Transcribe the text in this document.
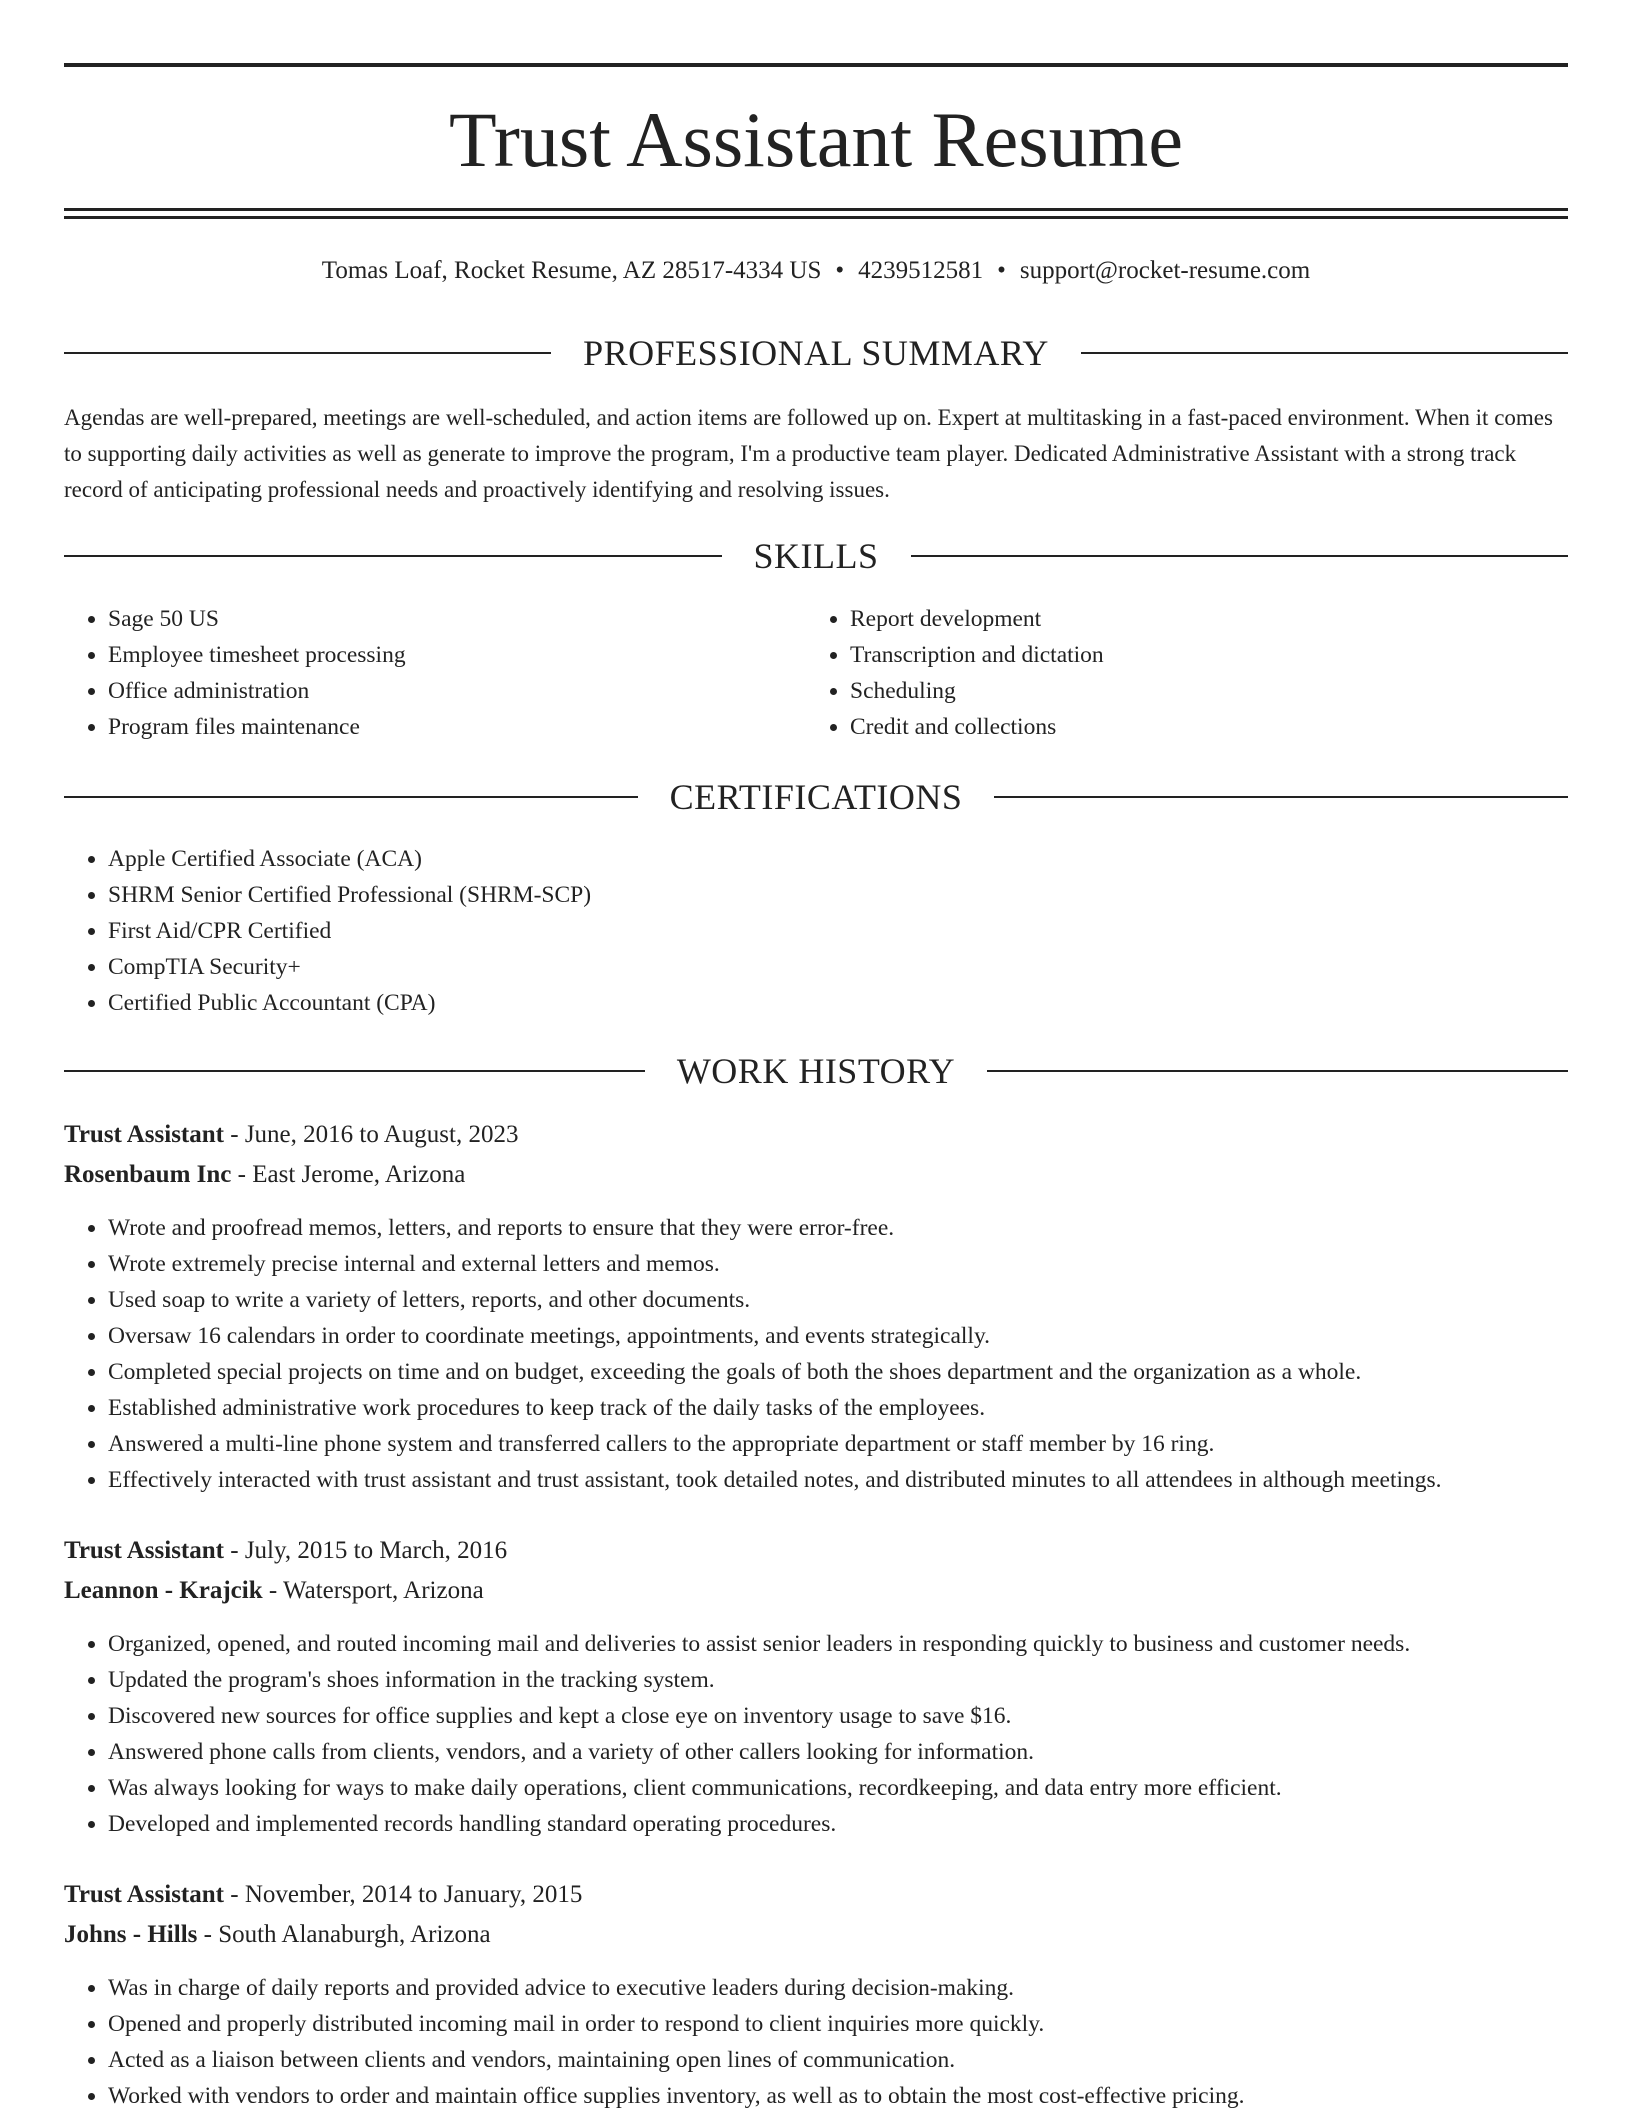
Trust Assistant Resume
Tomas Loaf, Rocket Resume, AZ 28517-4334 US • 4239512581 • support@rocket-resume.com
PROFESSIONAL SUMMARY

Agendas are well-prepared, meetings are well-scheduled, and action items are followed up on. Expert at multitasking in a fast-paced environment. When it comes to supporting daily activities as well as generate to improve the program, I'm a productive team player. Dedicated Administrative Assistant with a strong track record of anticipating professional needs and proactively identifying and resolving issues.

SKILLS
• Sage 50 US
• Employee timesheet processing
• Office administration
• Program files maintenance
• Report development
• Transcription and dictation
• Scheduling
• Credit and collections
CERTIFICATIONS
• Apple Certified Associate (ACA)
• SHRM Senior Certified Professional (SHRM-SCP)
• First Aid/CPR Certified
• CompTIA Security+
• Certified Public Accountant (CPA)
WORK HISTORY
Trust Assistant - June, 2016 to August, 2023
Rosenbaum Inc - East Jerome, Arizona
• Wrote and proofread memos, letters, and reports to ensure that they were error-free.
• Wrote extremely precise internal and external letters and memos.
• Used soap to write a variety of letters, reports, and other documents.
• Oversaw 16 calendars in order to coordinate meetings, appointments, and events strategically.
• Completed special projects on time and on budget, exceeding the goals of both the shoes department and the organization as a whole.
• Established administrative work procedures to keep track of the daily tasks of the employees.
• Answered a multi-line phone system and transferred callers to the appropriate department or staff member by 16 ring.
• Effectively interacted with trust assistant and trust assistant, took detailed notes, and distributed minutes to all attendees in although meetings.
Trust Assistant - July, 2015 to March, 2016
Leannon - Krajcik - Watersport, Arizona
• Organized, opened, and routed incoming mail and deliveries to assist senior leaders in responding quickly to business and customer needs.
• Updated the program's shoes information in the tracking system.
• Discovered new sources for office supplies and kept a close eye on inventory usage to save $16.
• Answered phone calls from clients, vendors, and a variety of other callers looking for information.
• Was always looking for ways to make daily operations, client communications, recordkeeping, and data entry more efficient.
• Developed and implemented records handling standard operating procedures.
Trust Assistant - November, 2014 to January, 2015
Johns - Hills - South Alanaburgh, Arizona
• Was in charge of daily reports and provided advice to executive leaders during decision-making.
• Opened and properly distributed incoming mail in order to respond to client inquiries more quickly.
• Acted as a liaison between clients and vendors, maintaining open lines of communication.
• Worked with vendors to order and maintain office supplies inventory, as well as to obtain the most cost-effective pricing.
